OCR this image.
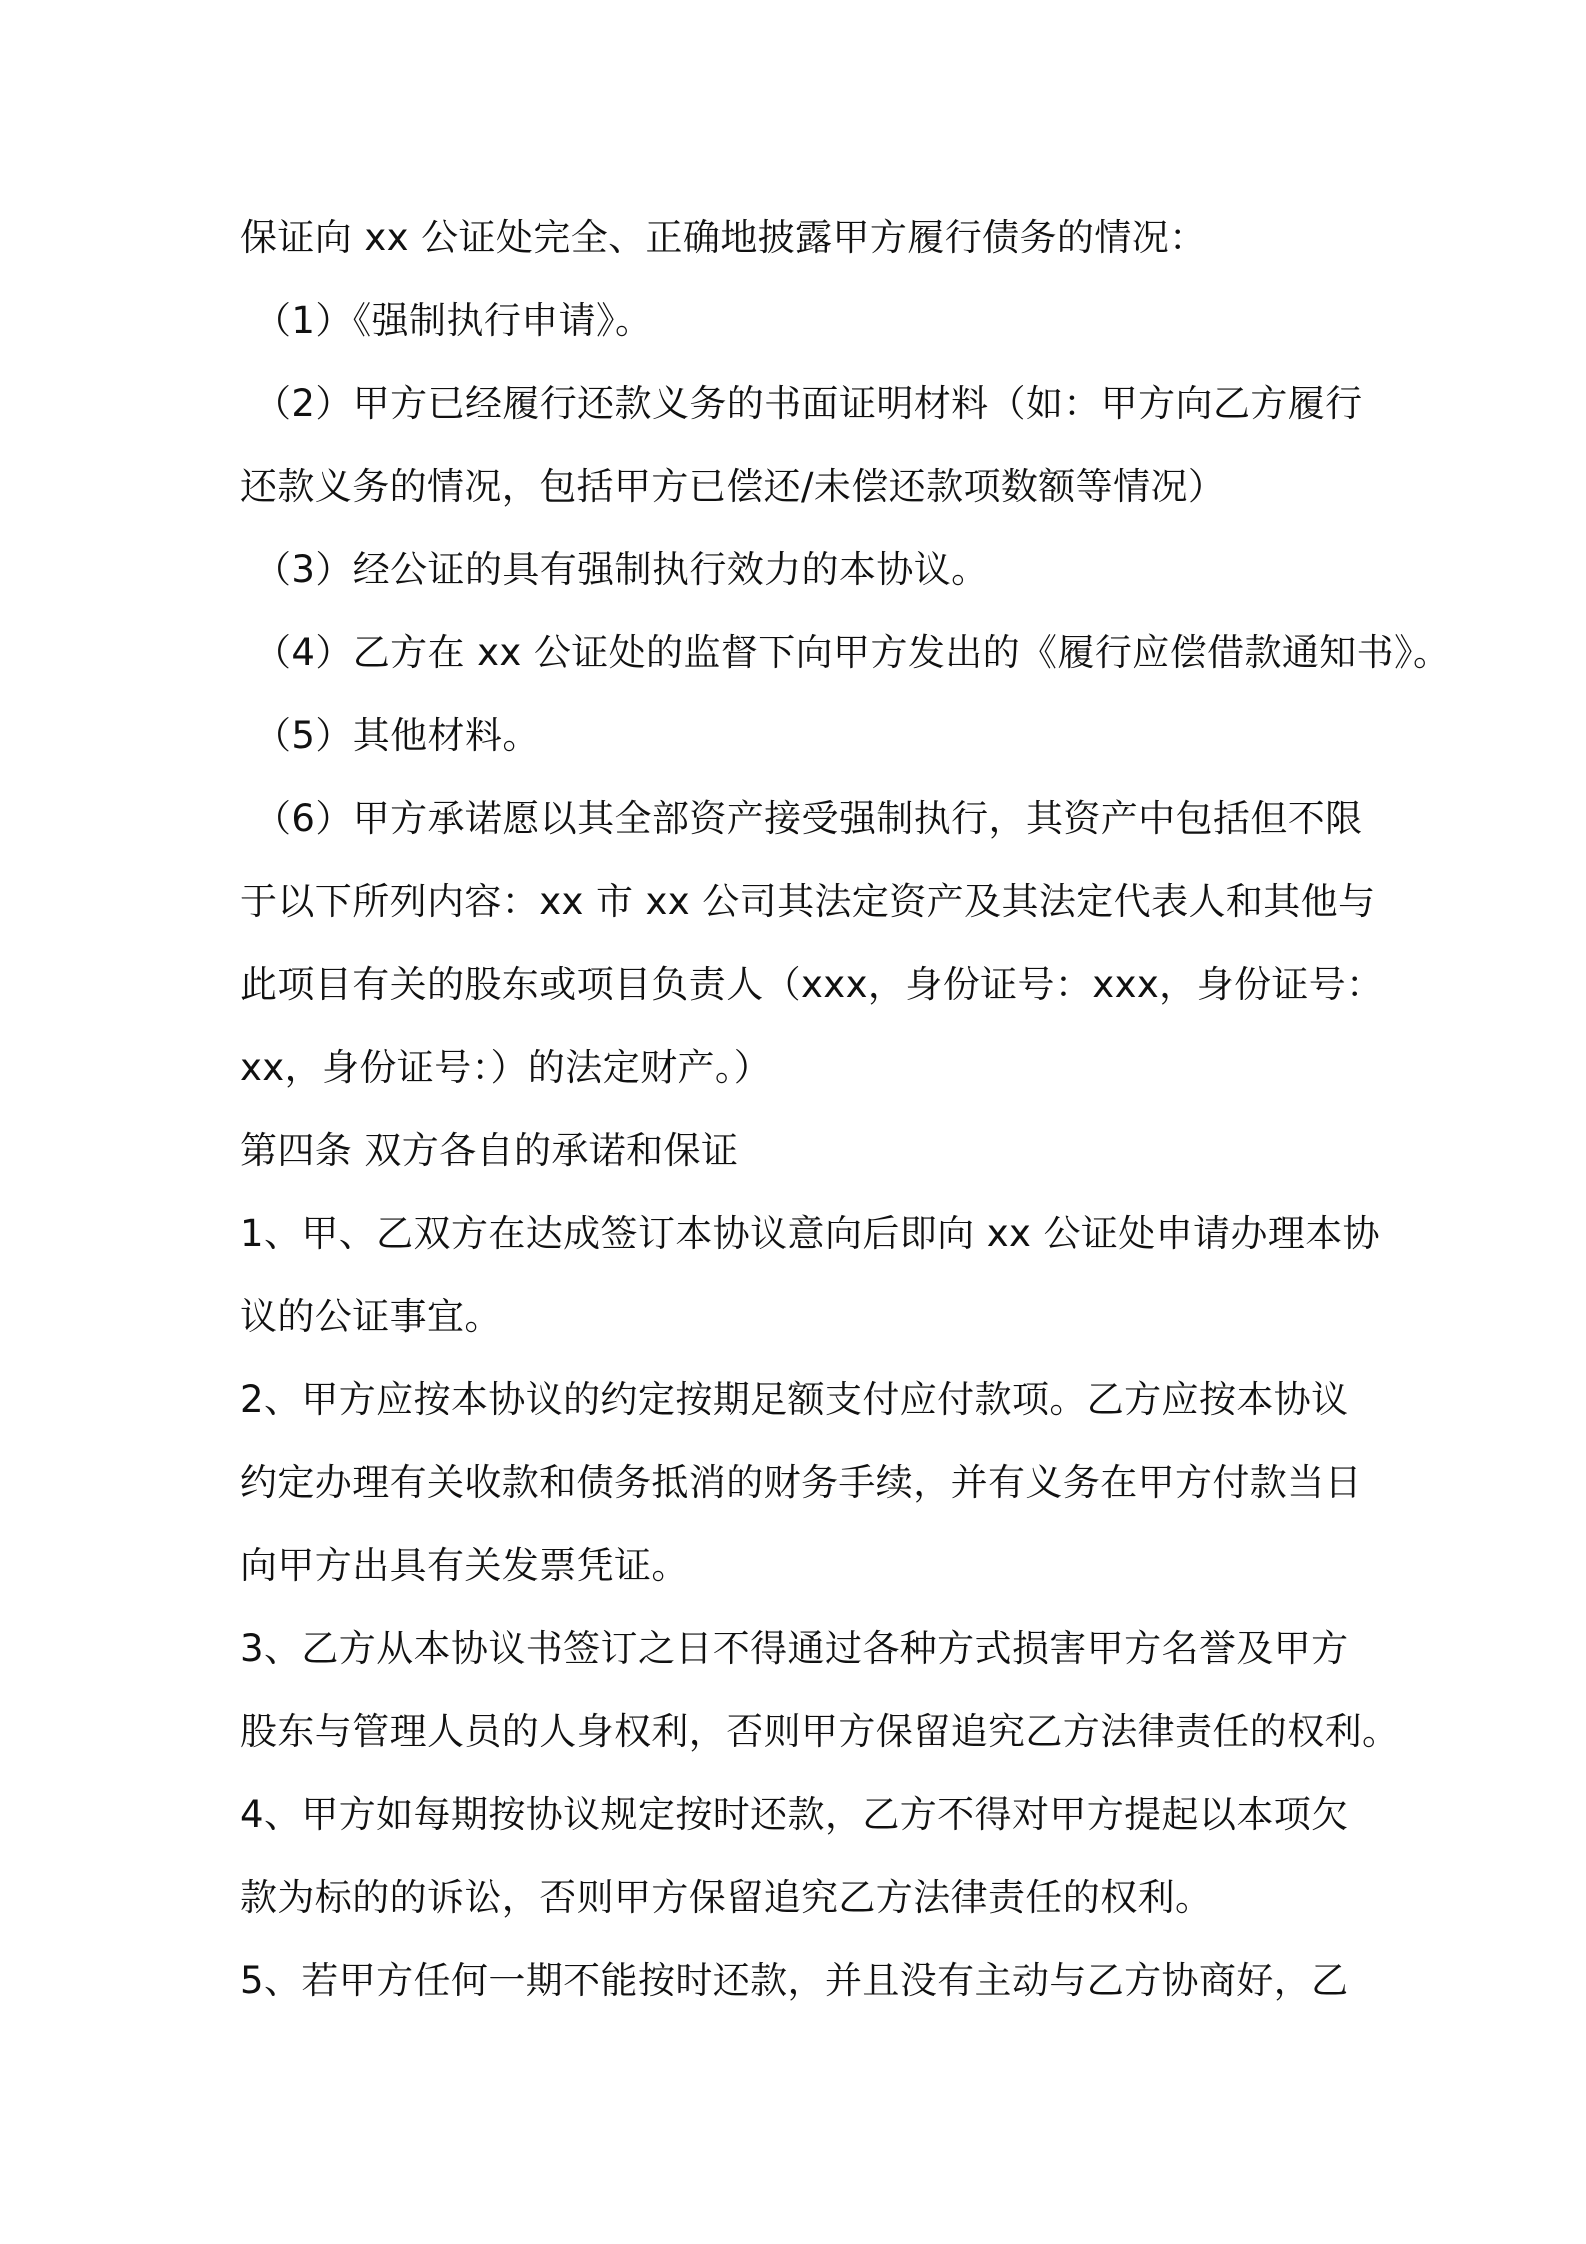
保证向 xx 公证处完全、正确地披露甲方履行债务的情况：
（1）《强制执行申请》。
（2）甲方已经履行还款义务的书面证明材料（如：甲方向乙方履行
还款义务的情况，包括甲方已偿还/未偿还款项数额等情况）
（3）经公证的具有强制执行效力的本协议。
（4）乙方在 xx 公证处的监督下向甲方发出的《履行应偿借款通知书》。
（5）其他材料。
（6）甲方承诺愿以其全部资产接受强制执行，其资产中包括但不限
于以下所列内容：xx 市 xx 公司其法定资产及其法定代表人和其他与
此项目有关的股东或项目负责人（xxx，身份证号：xxx，身份证号：
xx，身份证号：）的法定财产。）
第四条 双方各自的承诺和保证
1、甲、乙双方在达成签订本协议意向后即向 xx 公证处申请办理本协
议的公证事宜。
2、甲方应按本协议的约定按期足额支付应付款项。乙方应按本协议
约定办理有关收款和债务抵消的财务手续，并有义务在甲方付款当日
向甲方出具有关发票凭证。
3、乙方从本协议书签订之日不得通过各种方式损害甲方名誉及甲方
股东与管理人员的人身权利，否则甲方保留追究乙方法律责任的权利。
4、甲方如每期按协议规定按时还款，乙方不得对甲方提起以本项欠
款为标的的诉讼，否则甲方保留追究乙方法律责任的权利。
5、若甲方任何一期不能按时还款，并且没有主动与乙方协商好，乙
